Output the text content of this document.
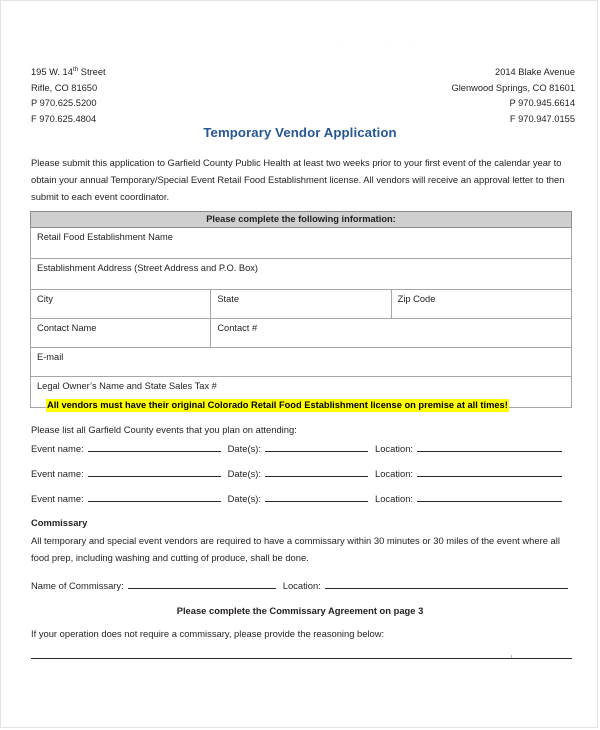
Garfield County Public Health
195 W. 14th Street
Rifle, CO 81650
P 970.625.5200
F 970.625.4804
2014 Blake Avenue
Glenwood Springs, CO 81601
P 970.945.6614
F 970.947.0155
Temporary Vendor Application
Please submit this application to Garfield County Public Health at least two weeks prior to your first event of the calendar year to obtain your annual Temporary/Special Event Retail Food Establishment license. All vendors will receive an approval letter to then submit to each event coordinator.
Please complete the following information:		
Retail Food Establishment Name		
Establishment Address (Street Address and P.O. Box)		
City	State	Zip Code
Contact Name	Contact #	
E-mail		
Legal Owner’s Name and State Sales Tax #		
All vendors must have their original Colorado Retail Food Establishment license on premise at all times!
Please list all Garfield County events that you plan on attending:
Event name:	Date(s):	Location:
Event name:	Date(s):	Location:
Event name:	Date(s):	Location:
Commissary
All temporary and special event vendors are required to have a commissary within 30 minutes or 30 miles of the event where all food prep, including washing and cutting of produce, shall be done.
Name of Commissary:	Location:
Please complete the Commissary Agreement on page 3
If your operation does not require a commissary, please provide the reasoning below:
